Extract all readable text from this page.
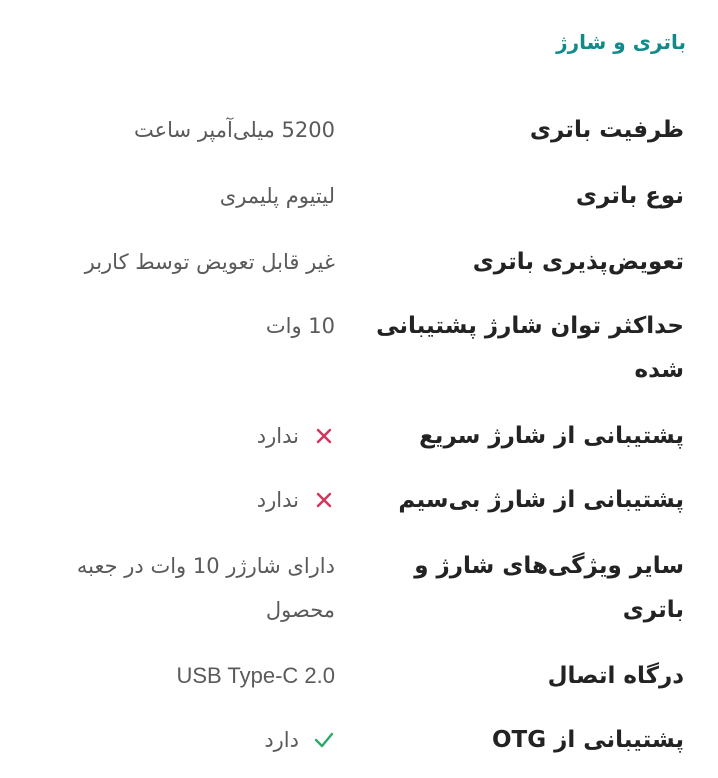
باتری و شارژ
ظرفیت باتری
5200 میلی‌آمپر ساعت
نوع باتری
لیتیوم پلیمری
تعویض‌پذیری باتری
غیر قابل تعویض توسط کاربر
حداکثر توان شارژ پشتیبانی شده
10 وات
پشتیبانی از شارژ سریع
ندارد
پشتیبانی از شارژ بی‌سیم
ندارد
سایر ویژگی‌های شارژ و باتری
دارای شارژر 10 وات در جعبه محصول
درگاه اتصال
USB Type-C 2.0
پشتیبانی از OTG
دارد
